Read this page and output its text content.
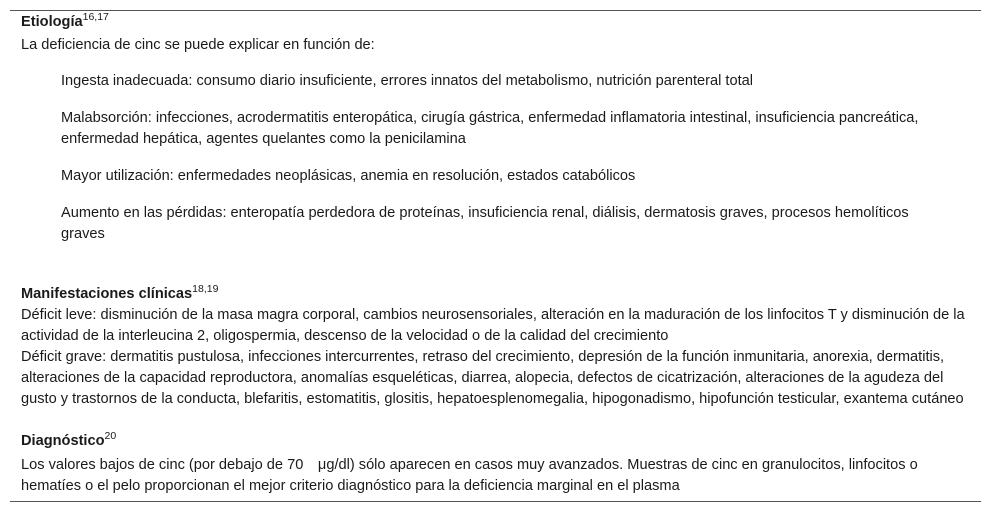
Etiología$^{16,17}$
La deficiencia de cinc se puede explicar en función de:
Ingesta inadecuada: consumo diario insuficiente, errores innatos del metabolismo, nutrición parenteral total
Malabsorción: infecciones, acrodermatitis enteropática, cirugía gástrica, enfermedad inflamatoria intestinal, insuficiencia pancreática, enfermedad hepática, agentes quelantes como la penicilamina
Mayor utilización: enfermedades neoplásicas, anemia en resolución, estados catabólicos
Aumento en las pérdidas: enteropatía perdedora de proteínas, insuficiencia renal, diálisis, dermatosis graves, procesos hemolíticos graves
Manifestaciones clínicas$^{18,19}$
Déficit leve: disminución de la masa magra corporal, cambios neurosensoriales, alteración en la maduración de los linfocitos T y disminución de la actividad de la interleucina 2, oligospermia, descenso de la velocidad o de la calidad del crecimiento
Déficit grave: dermatitis pustulosa, infecciones intercurrentes, retraso del crecimiento, depresión de la función inmunitaria, anorexia, dermatitis, alteraciones de la capacidad reproductora, anomalías esqueléticas, diarrea, alopecia, defectos de cicatrización, alteraciones de la agudeza del gusto y trastornos de la conducta, blefaritis, estomatitis, glositis, hepatoesplenomegalia, hipogonadismo, hipofunción testicular, exantema cutáneo
Diagnóstico$^{20}$
Los valores bajos de cinc (por debajo de 70  μg/dl) sólo aparecen en casos muy avanzados. Muestras de cinc en granulocitos, linfocitos o hematíes o el pelo proporcionan el mejor criterio diagnóstico para la deficiencia marginal en el plasma
